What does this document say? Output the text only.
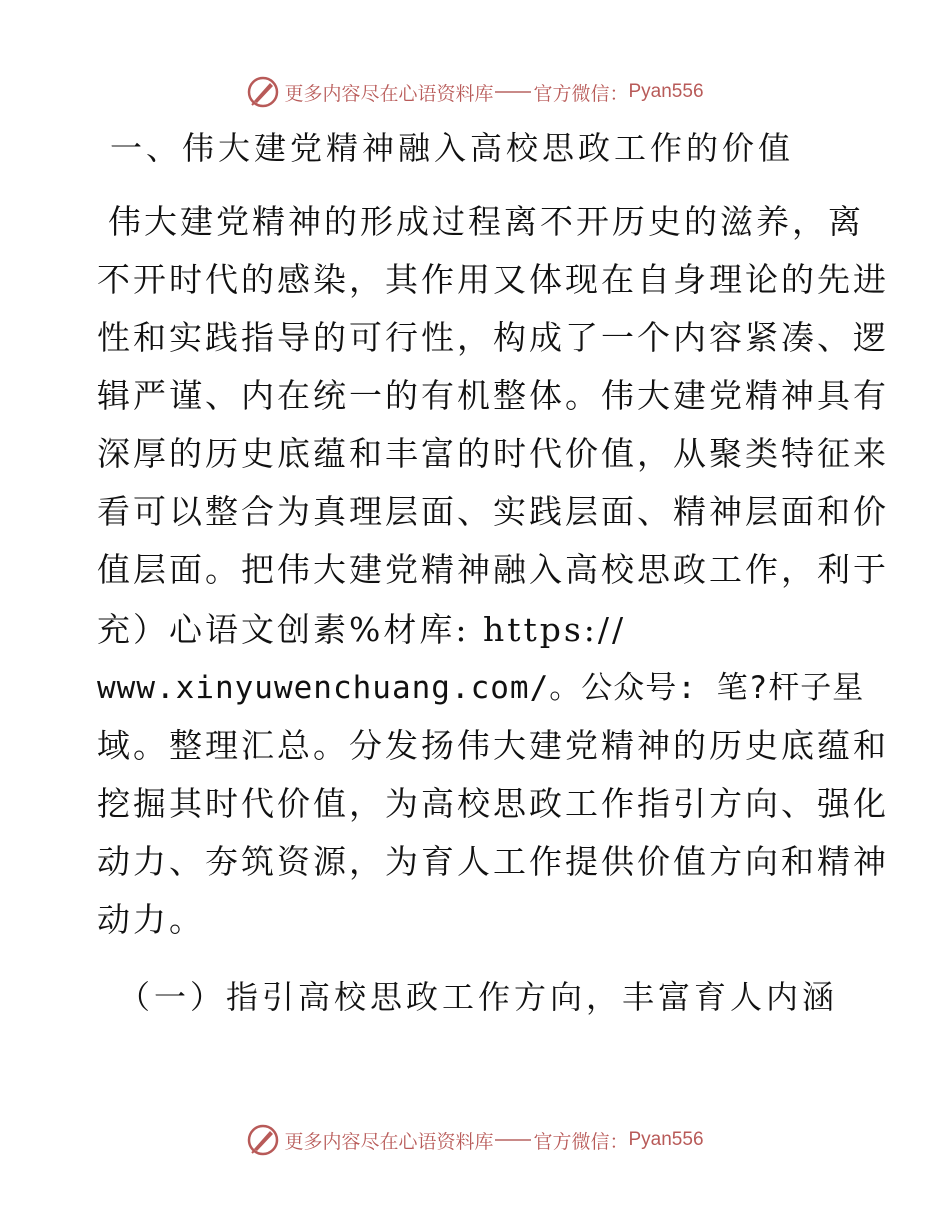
更多内容尽在心语资料库 官方微信： Pyan556
一、伟大建党精神融入高校思政工作的价值
伟大建党精神的形成过程离不开历史的滋养，离
不开时代的感染，其作用又体现在自身理论的先进
性和实践指导的可行性，构成了一个内容紧凑、逻
辑严谨、内在统一的有机整体。伟大建党精神具有
深厚的历史底蕴和丰富的时代价值，从聚类特征来
看可以整合为真理层面、实践层面、精神层面和价
值层面。把伟大建党精神融入高校思政工作，利于
充）心语文创素%材库: https://
www.xinyuwenchuang.com/。公众号: 笔?杆子星
域。整理汇总。分发扬伟大建党精神的历史底蕴和
挖掘其时代价值，为高校思政工作指引方向、强化
动力、夯筑资源，为育人工作提供价值方向和精神
动力。
（一）指引高校思政工作方向，丰富育人内涵
更多内容尽在心语资料库 官方微信： Pyan556
